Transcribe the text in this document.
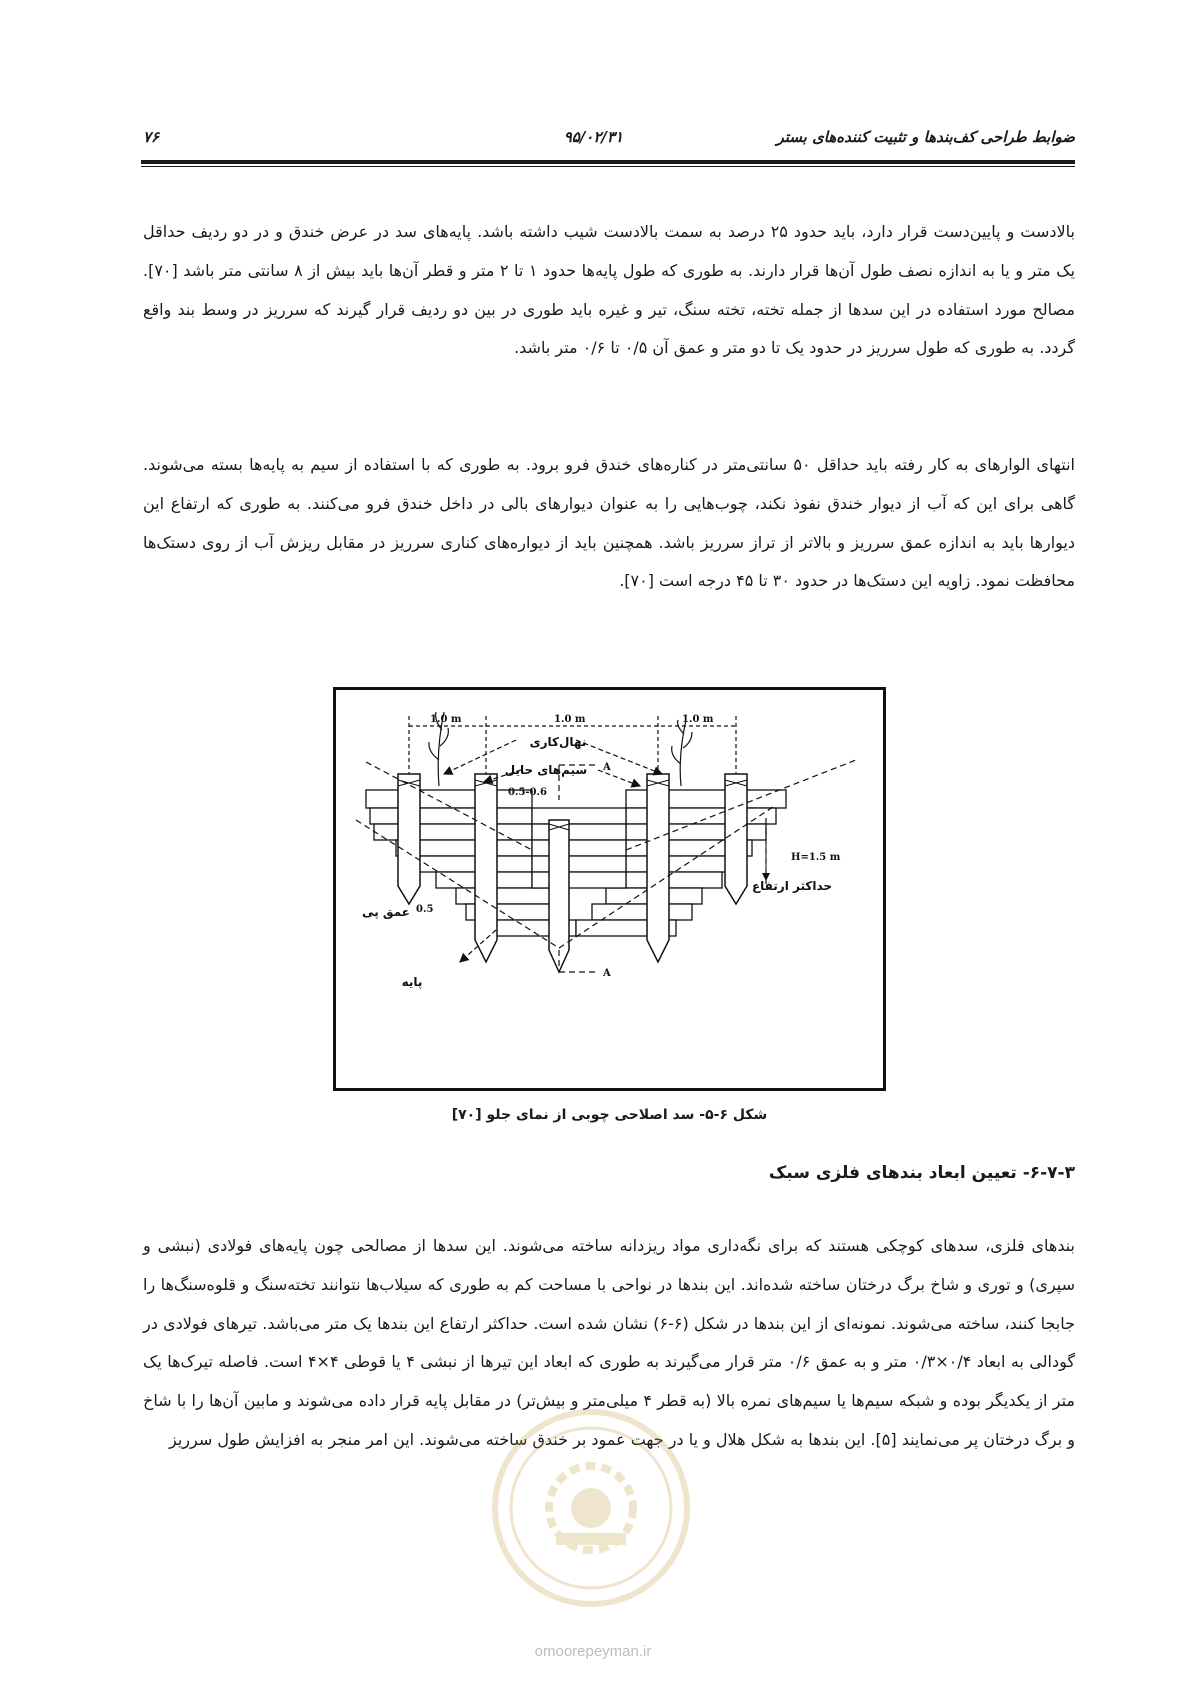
ضوابط طراحی کف‌بندها و تثبیت کننده‌های بستر
۹۵/۰۲/۳۱
۷۶

بالادست و پایین‌دست قرار دارد، باید حدود ۲۵ درصد به سمت بالادست شیب داشته باشد. پایه‌های سد در عرض خندق و در دو ردیف حداقل یک متر و یا به اندازه نصف طول آن‌ها قرار دارند. به طوری که طول پایه‌ها حدود ۱ تا ۲ متر و قطر آن‌ها باید بیش از ۸ سانتی متر باشد [۷۰]. مصالح مورد استفاده در این سدها از جمله تخته، تخته سنگ، تیر و غیره باید طوری در بین دو ردیف قرار گیرند که سرریز در وسط بند واقع گردد. به طوری که طول سرریز در حدود یک تا دو متر و عمق آن ۰/۵ تا ۰/۶ متر باشد.

انتهای الوارهای به کار رفته باید حداقل ۵۰ سانتی‌متر در کناره‌های خندق فرو برود. به طوری که با استفاده از سیم به پایه‌ها بسته می‌شوند. گاهی برای این که آب از دیوار خندق نفوذ نکند، چوب‌هایی را به عنوان دیوارهای بالی در داخل خندق فرو می‌کنند. به طوری که ارتفاع این دیوارها باید به اندازه عمق سرریز و بالاتر از تراز سرریز باشد. همچنین باید از دیواره‌های کناری سرریز در مقابل ریزش آب از روی دستک‌ها محافظت نمود. زاویه این دستک‌ها در حدود ۳۰ تا ۴۵ درجه است [۷۰].

1.0 m	1.0 m	1.0 m
0.5-0.6
H=1.5 m
0.5
A
A
نهال‌کاری
سیم‌های حایل
حداکثر ارتفاع
عمق پی
پایه
شکل ۶-۵- سد اصلاحی چوبی از نمای جلو [۷۰]
۶-۷-۳- تعیین ابعاد بندهای فلزی سبک

بندهای فلزی، سدهای کوچکی هستند که برای نگه‌داری مواد ریزدانه ساخته می‌شوند. این سدها از مصالحی چون پایه‌های فولادی (نبشی و سپری) و توری و شاخ برگ درختان ساخته شده‌اند. این بندها در نواحی با مساحت کم به طوری که سیلاب‌ها نتوانند تخته‌سنگ و قلوه‌سنگ‌ها را جابجا کنند، ساخته می‌شوند. نمونه‌ای از این بندها در شکل (۶-۶) نشان شده است. حداکثر ارتفاع این بندها یک متر می‌باشد. تیرهای فولادی در گودالی به ابعاد ۰/۴×۰/۳ متر و به عمق ۰/۶ متر قرار می‌گیرند به طوری که ابعاد این تیرها از نبشی ۴ یا قوطی ۴×۴ است. فاصله تیرک‌ها یک متر از یکدیگر بوده و شبکه سیم‌ها یا سیم‌های نمره بالا (به قطر ۴ میلی‌متر و بیش‌تر) در مقابل پایه قرار داده می‌شوند و مابین آن‌ها را با شاخ و برگ درختان پر می‌نمایند [۵]. این بندها به شکل هلال و یا در جهت عمود بر خندق ساخته می‌شوند. این امر منجر به افزایش طول سرریز

omoorepeyman.ir
